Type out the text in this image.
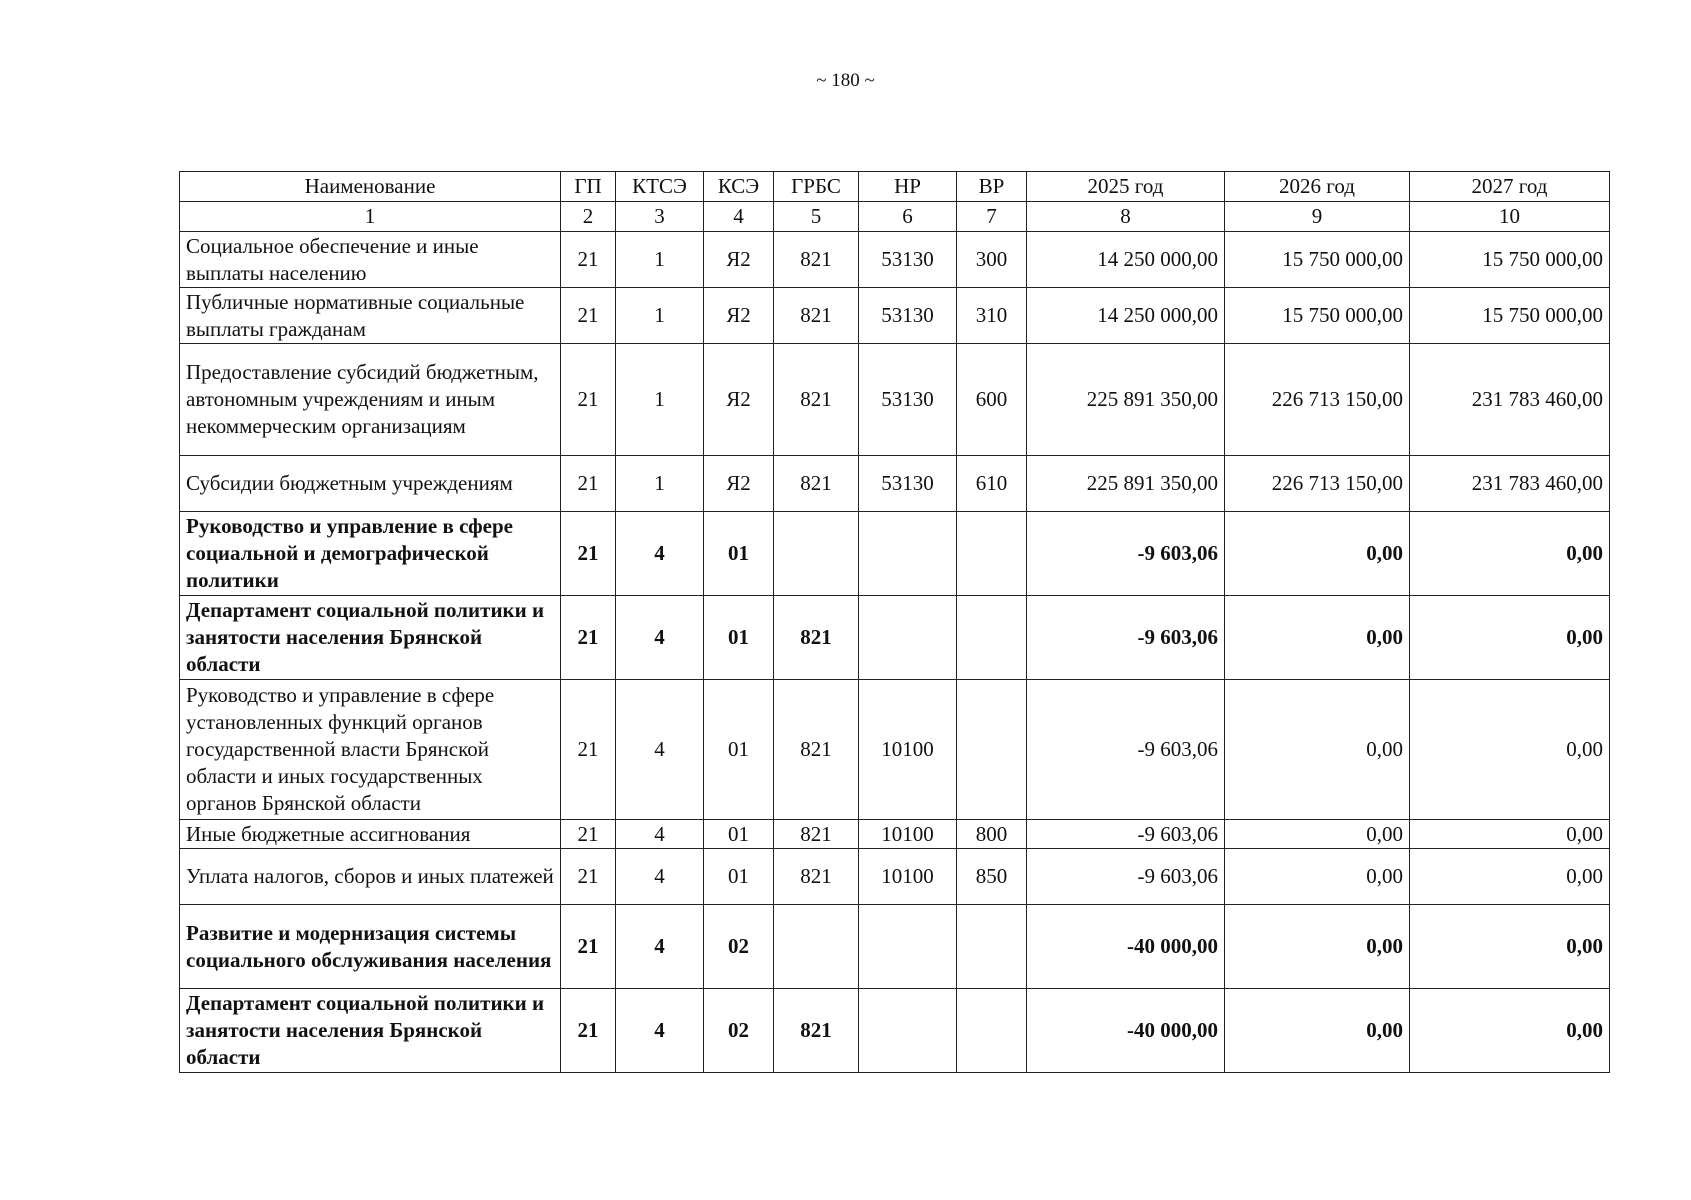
~ 180 ~
Наименование	ГП	КТСЭ	КСЭ	ГРБС	НР	ВР	2025 год	2026 год	2027 год
1	2	3	4	5	6	7	8	9	10
Социальное обеспечение и иные выплаты населению	21	1	Я2	821	53130	300	14 250 000,00	15 750 000,00	15 750 000,00
Публичные нормативные социальные выплаты гражданам	21	1	Я2	821	53130	310	14 250 000,00	15 750 000,00	15 750 000,00
Предоставление субсидий бюджетным, автономным учреждениям и иным некоммерческим организациям	21	1	Я2	821	53130	600	225 891 350,00	226 713 150,00	231 783 460,00
Субсидии бюджетным учреждениям	21	1	Я2	821	53130	610	225 891 350,00	226 713 150,00	231 783 460,00
Руководство и управление в сфере социальной и демографической политики	21	4	01				-9 603,06	0,00	0,00
Департамент социальной политики и занятости населения Брянской области	21	4	01	821			-9 603,06	0,00	0,00
Руководство и управление в сфере установленных функций органов государственной власти Брянской области и иных государственных органов Брянской области	21	4	01	821	10100		-9 603,06	0,00	0,00
Иные бюджетные ассигнования	21	4	01	821	10100	800	-9 603,06	0,00	0,00
Уплата налогов, сборов и иных платежей	21	4	01	821	10100	850	-9 603,06	0,00	0,00
Развитие и модернизация системы социального обслуживания населения	21	4	02				-40 000,00	0,00	0,00
Департамент социальной политики и занятости населения Брянской области	21	4	02	821			-40 000,00	0,00	0,00
